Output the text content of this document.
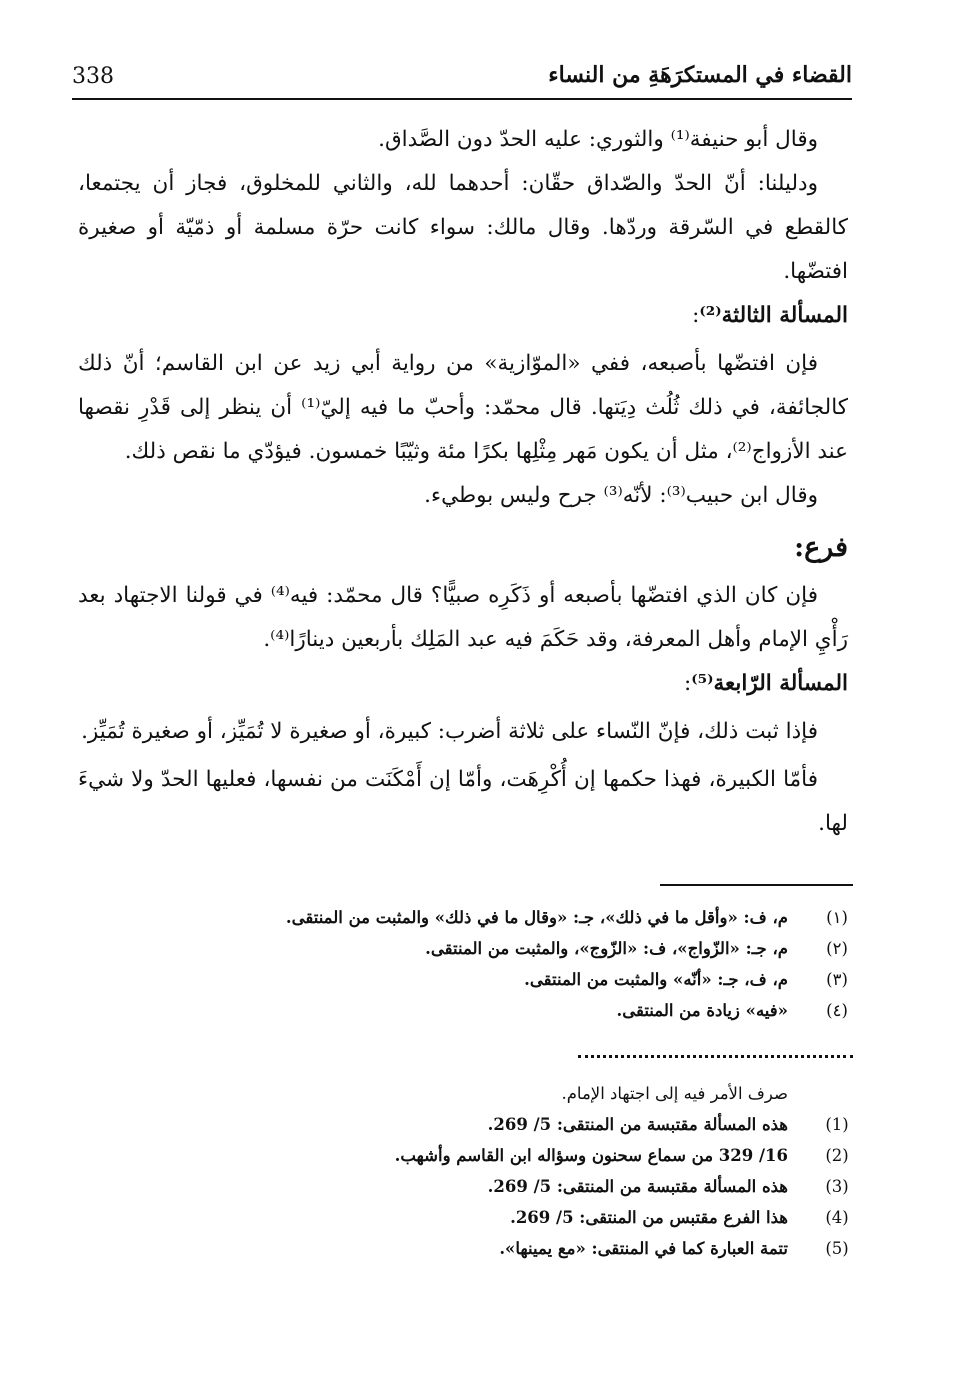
338	القضاء في المستكرَهَةِ من النساء

وقال أبو حنيفة⁽¹⁾ والثوري: عليه الحدّ دون الصَّداق.

ودليلنا: أنّ الحدّ والصّداق حقّان: أحدهما لله، والثاني للمخلوق، فجاز أن يجتمعا، كالقطع في السّرقة وردّها. وقال مالك: سواء كانت حرّة مسلمة أو ذمّيّة أو صغيرة افتضّها.

المسألة الثالثة⁽²⁾:

فإن افتضّها بأصبعه، ففي «الموّازية» من رواية أبي زيد عن ابن القاسم؛ أنّ ذلك كالجائفة، في ذلك ثُلُث دِيَتها. قال محمّد: وأحبّ ما فيه إليّ⁽¹⁾ أن ينظر إلى قَدْرِ نقصها عند الأزواج⁽²⁾، مثل أن يكون مَهر مِثْلِها بكرًا مئة وثيّبًا خمسون. فيؤدّي ما نقص ذلك.

وقال ابن حبيب⁽³⁾: لأنّه⁽³⁾ جرح وليس بوطيء.

فرع:

فإن كان الذي افتضّها بأصبعه أو ذَكَرِه صبيًّا؟ قال محمّد: فيه⁽⁴⁾ في قولنا الاجتهاد بعد رَأْيِ الإمام وأهل المعرفة، وقد حَكَمَ فيه عبد المَلِك بأربعين دينارًا⁽⁴⁾.

المسألة الرّابعة⁽⁵⁾:

فإذا ثبت ذلك، فإنّ النّساء على ثلاثة أضرب: كبيرة، أو صغيرة لا تُمَيِّز، أو صغيرة تُمَيِّز.

فأمّا الكبيرة، فهذا حكمها إن أُكْرِهَت، وأمّا إن أَمْكَنَت من نفسها، فعليها الحدّ ولا شيءَ لها.

(١)
م، ف: «وأقل ما في ذلك»، جـ: «وقال ما في ذلك» والمثبت من المنتقى.
(٢)
م، جـ: «الزّواج»، ف: «الزّوج»، والمثبت من المنتقى.
(٣)
م، ف، جـ: «أنّه» والمثبت من المنتقى.
(٤)
«فيه» زيادة من المنتقى.
صرف الأمر فيه إلى اجتهاد الإمام.
(1)
هذه المسألة مقتبسة من المنتقى: 5/ 269.
(2)
16/ 329 من سماع سحنون وسؤاله ابن القاسم وأشهب.
(3)
هذه المسألة مقتبسة من المنتقى: 5/ 269.
(4)
هذا الفرع مقتبس من المنتقى: 5/ 269.
(5)
تتمة العبارة كما في المنتقى: «مع يمينها».
